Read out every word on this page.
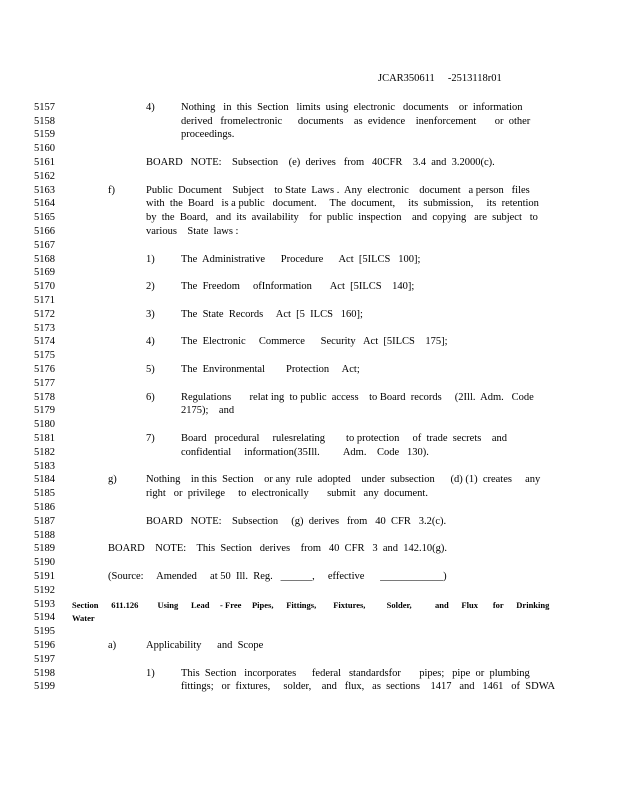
JCAR350611     -2513118r01
5157
5158
5159
5160
5161
5162
5163
5164
5165
5166
5167
5168
5169
5170
5171
5172
5173
5174
5175
5176
5177
5178
5179
5180
5181
5182
5183
5184
5185
5186
5187
5188
5189
5190
5191
5192
5193
5194
5195
5196
5197
5198
5199
4)	Nothing   in  this  Section   limits  using  electronic   documents    or  information
derived   fromelectronic      documents    as  evidence    inenforcement       or  other
proceedings.
BOARD   NOTE:    Subsection    (e)  derives   from   40CFR    3.4  and  3.2000(c).
f)	Public  Document    Subject    to State  Laws .  Any  electronic    document   a person   files
with  the  Board   is a public   document.     The  document,     its  submission,     its  retention
by  the  Board,   and  its  availability    for  public  inspection    and  copying   are  subject   to
various    State  laws :
1)	The  Administrative      Procedure      Act  [5ILCS   100];
2)	The  Freedom     ofInformation       Act  [5ILCS    140];
3)	The  State  Records     Act  [5  ILCS   160];
4)	The  Electronic     Commerce      Security   Act  [5ILCS    175];
5)	The  Environmental        Protection     Act;
6)	Regulations       relat ing  to public  access    to Board  records     (2Ill.  Adm.   Code
2175);    and
7)	Board   procedural     rulesrelating        to protection     of  trade  secrets    and
confidential     information(35Ill.         Adm.    Code   130).
g)	Nothing    in this  Section    or any  rule  adopted    under  subsection      (d) (1)  creates     any
right   or  privilege     to  electronically       submit   any  document.
BOARD   NOTE:    Subsection     (g)  derives   from   40  CFR   3.2(c).
BOARD    NOTE:    This  Section   derives    from   40  CFR   3  and  142.10(g).
(Source:     Amended     at 50  Ill.  Reg.   ______,     effective      ____________)
Section      611.126         Using      Lead     - Free     Pipes,      Fittings,        Fixtures,          Solder,           and      Flux       for      Drinking
Water
a)	Applicability      and  Scope
1)	This  Section   incorporates      federal   standardsfor       pipes;   pipe  or  plumbing
fittings;   or  fixtures,     solder,    and   flux,   as  sections    1417   and   1461   of  SDWA
